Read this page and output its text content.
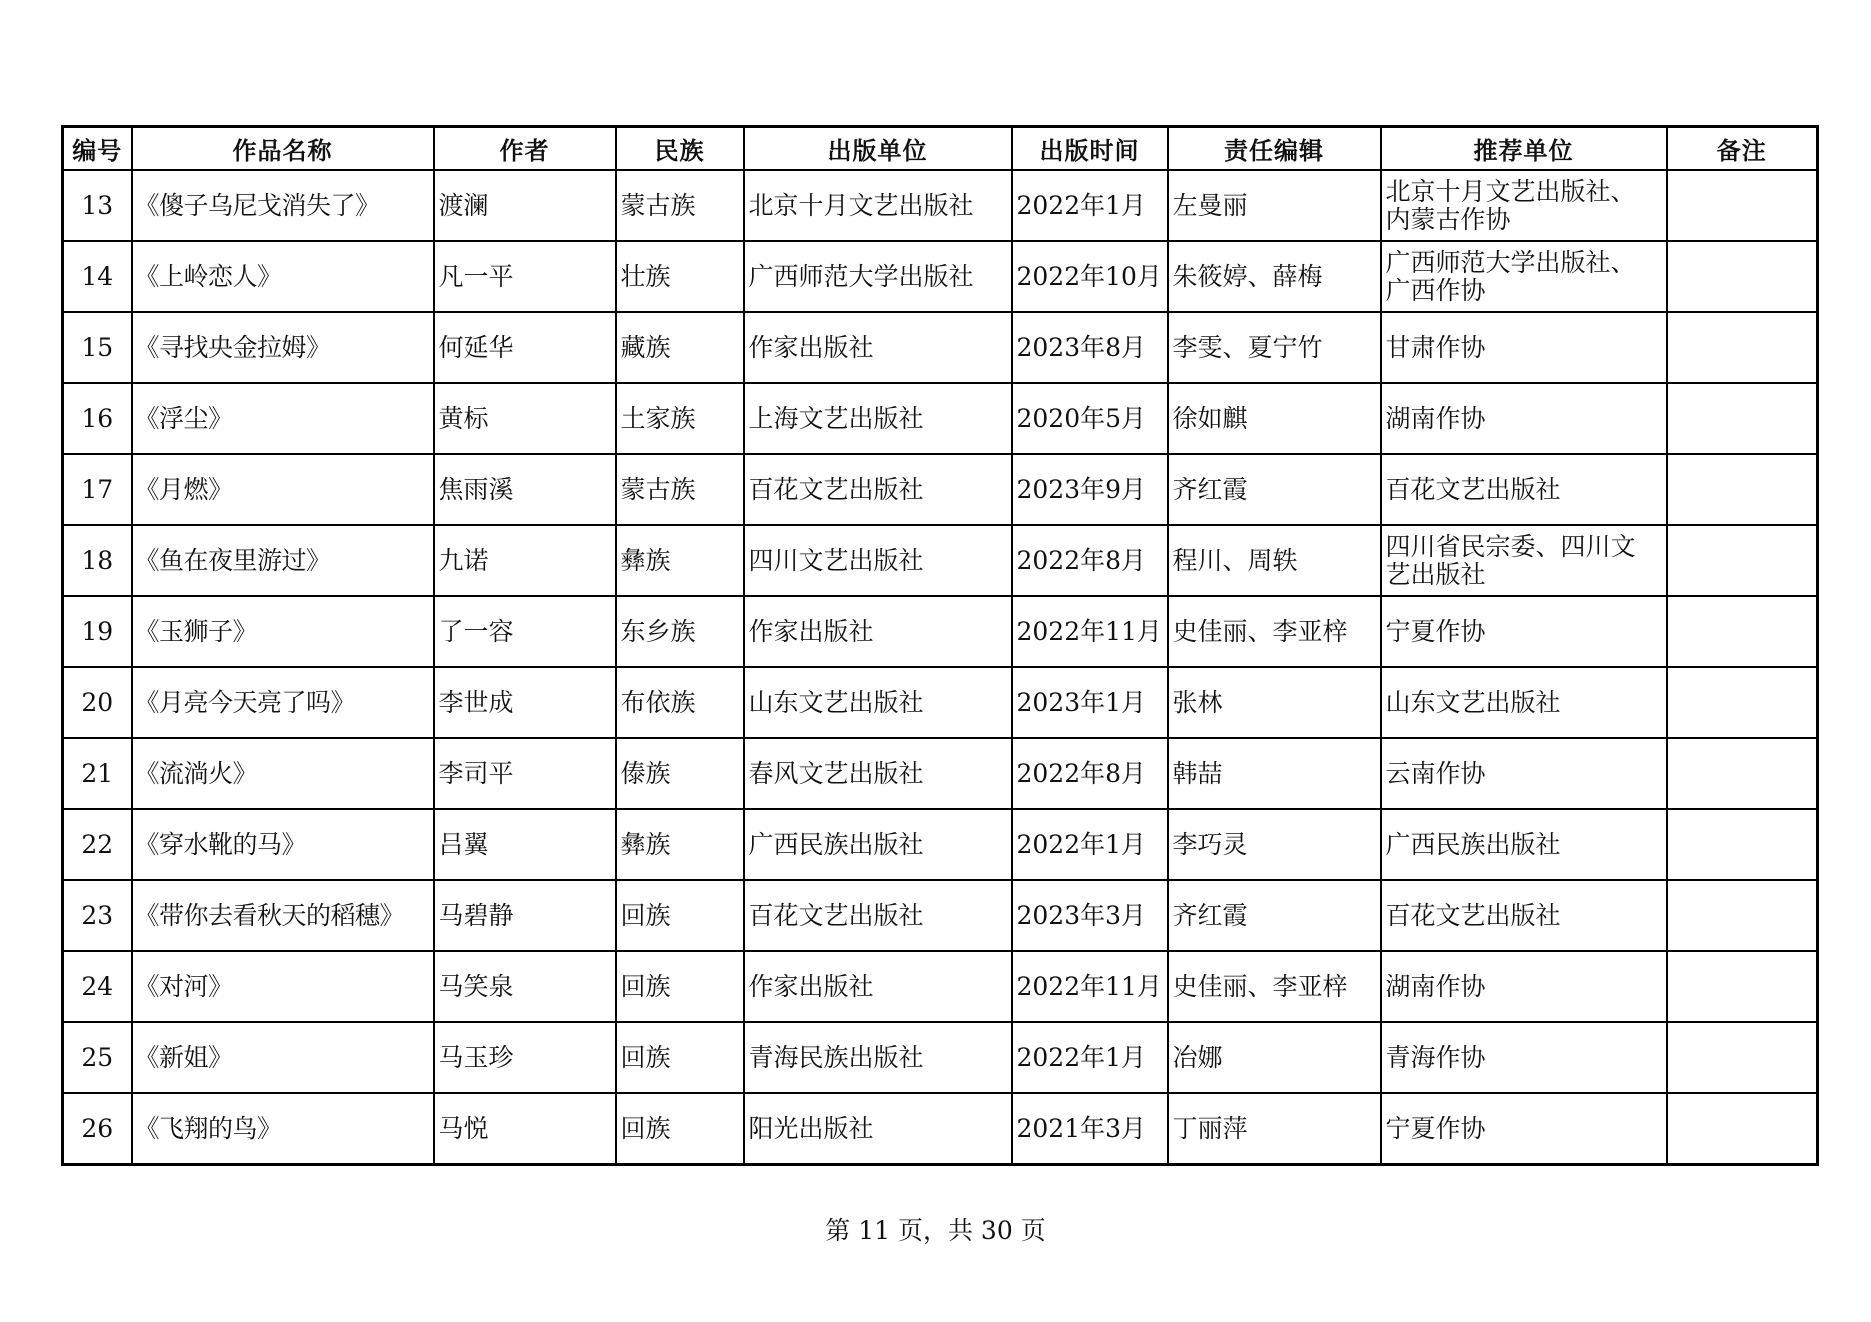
编号	作品名称	作者	民族	出版单位	出版时间	责任编辑	推荐单位	备注
13	《傻子乌尼戈消失了》	渡澜	蒙古族	北京十月文艺出版社	2022年1月	左曼丽	北京十月文艺出版社、内蒙古作协	
14	《上岭恋人》	凡一平	壮族	广西师范大学出版社	2022年10月	朱筱婷、薛梅	广西师范大学出版社、广西作协	
15	《寻找央金拉姆》	何延华	藏族	作家出版社	2023年8月	李雯、夏宁竹	甘肃作协	
16	《浮尘》	黄标	土家族	上海文艺出版社	2020年5月	徐如麒	湖南作协	
17	《月燃》	焦雨溪	蒙古族	百花文艺出版社	2023年9月	齐红霞	百花文艺出版社	
18	《鱼在夜里游过》	九诺	彝族	四川文艺出版社	2022年8月	程川、周轶	四川省民宗委、四川文艺出版社	
19	《玉狮子》	了一容	东乡族	作家出版社	2022年11月	史佳丽、李亚梓	宁夏作协	
20	《月亮今天亮了吗》	李世成	布依族	山东文艺出版社	2023年1月	张林	山东文艺出版社	
21	《流淌火》	李司平	傣族	春风文艺出版社	2022年8月	韩喆	云南作协	
22	《穿水靴的马》	吕翼	彝族	广西民族出版社	2022年1月	李巧灵	广西民族出版社	
23	《带你去看秋天的稻穗》	马碧静	回族	百花文艺出版社	2023年3月	齐红霞	百花文艺出版社	
24	《对河》	马笑泉	回族	作家出版社	2022年11月	史佳丽、李亚梓	湖南作协	
25	《新姐》	马玉珍	回族	青海民族出版社	2022年1月	冶娜	青海作协	
26	《飞翔的鸟》	马悦	回族	阳光出版社	2021年3月	丁丽萍	宁夏作协	
第 11 页，共 30 页
